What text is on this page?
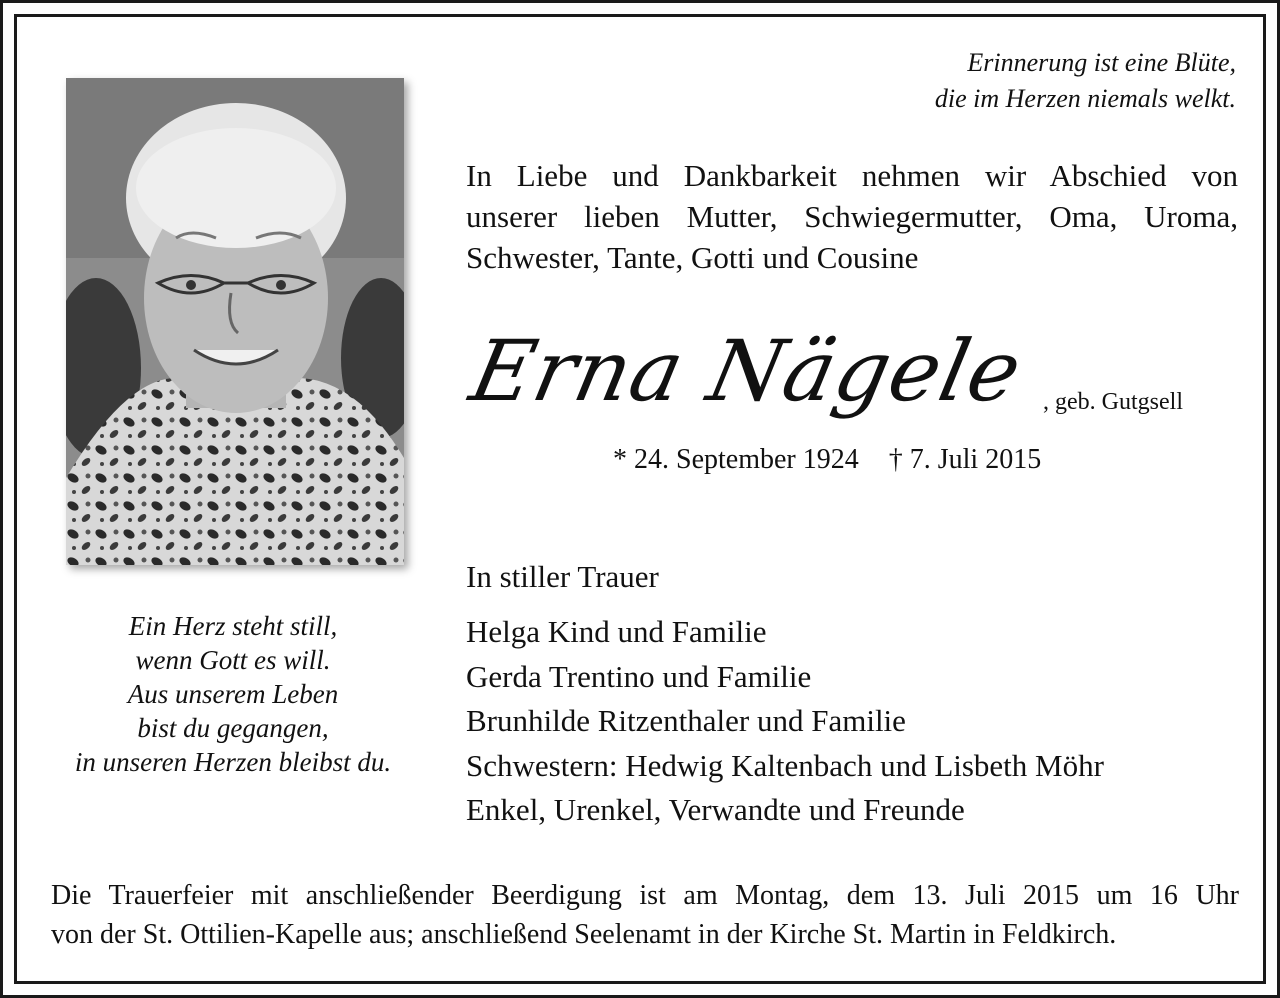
Erinnerung ist eine Blüte,
die im Herzen niemals welkt.
In Liebe und Dankbarkeit nehmen wir Abschied von
unserer lieben Mutter, Schwiegermutter, Oma, Uroma,
Schwester, Tante, Gotti und Cousine
Erna Nägele , geb. Gutgsell
* 24. September 1924 † 7. Juli 2015
Ein Herz steht still,
wenn Gott es will.
Aus unserem Leben
bist du gegangen,
in unseren Herzen bleibst du.
In stiller Trauer
Helga Kind und Familie
Gerda Trentino und Familie
Brunhilde Ritzenthaler und Familie
Schwestern: Hedwig Kaltenbach und Lisbeth Möhr
Enkel, Urenkel, Verwandte und Freunde
Die Trauerfeier mit anschließender Beerdigung ist am Montag, dem 13. Juli 2015 um 16 Uhr
von der St. Ottilien-Kapelle aus; anschließend Seelenamt in der Kirche St. Martin in Feldkirch.
